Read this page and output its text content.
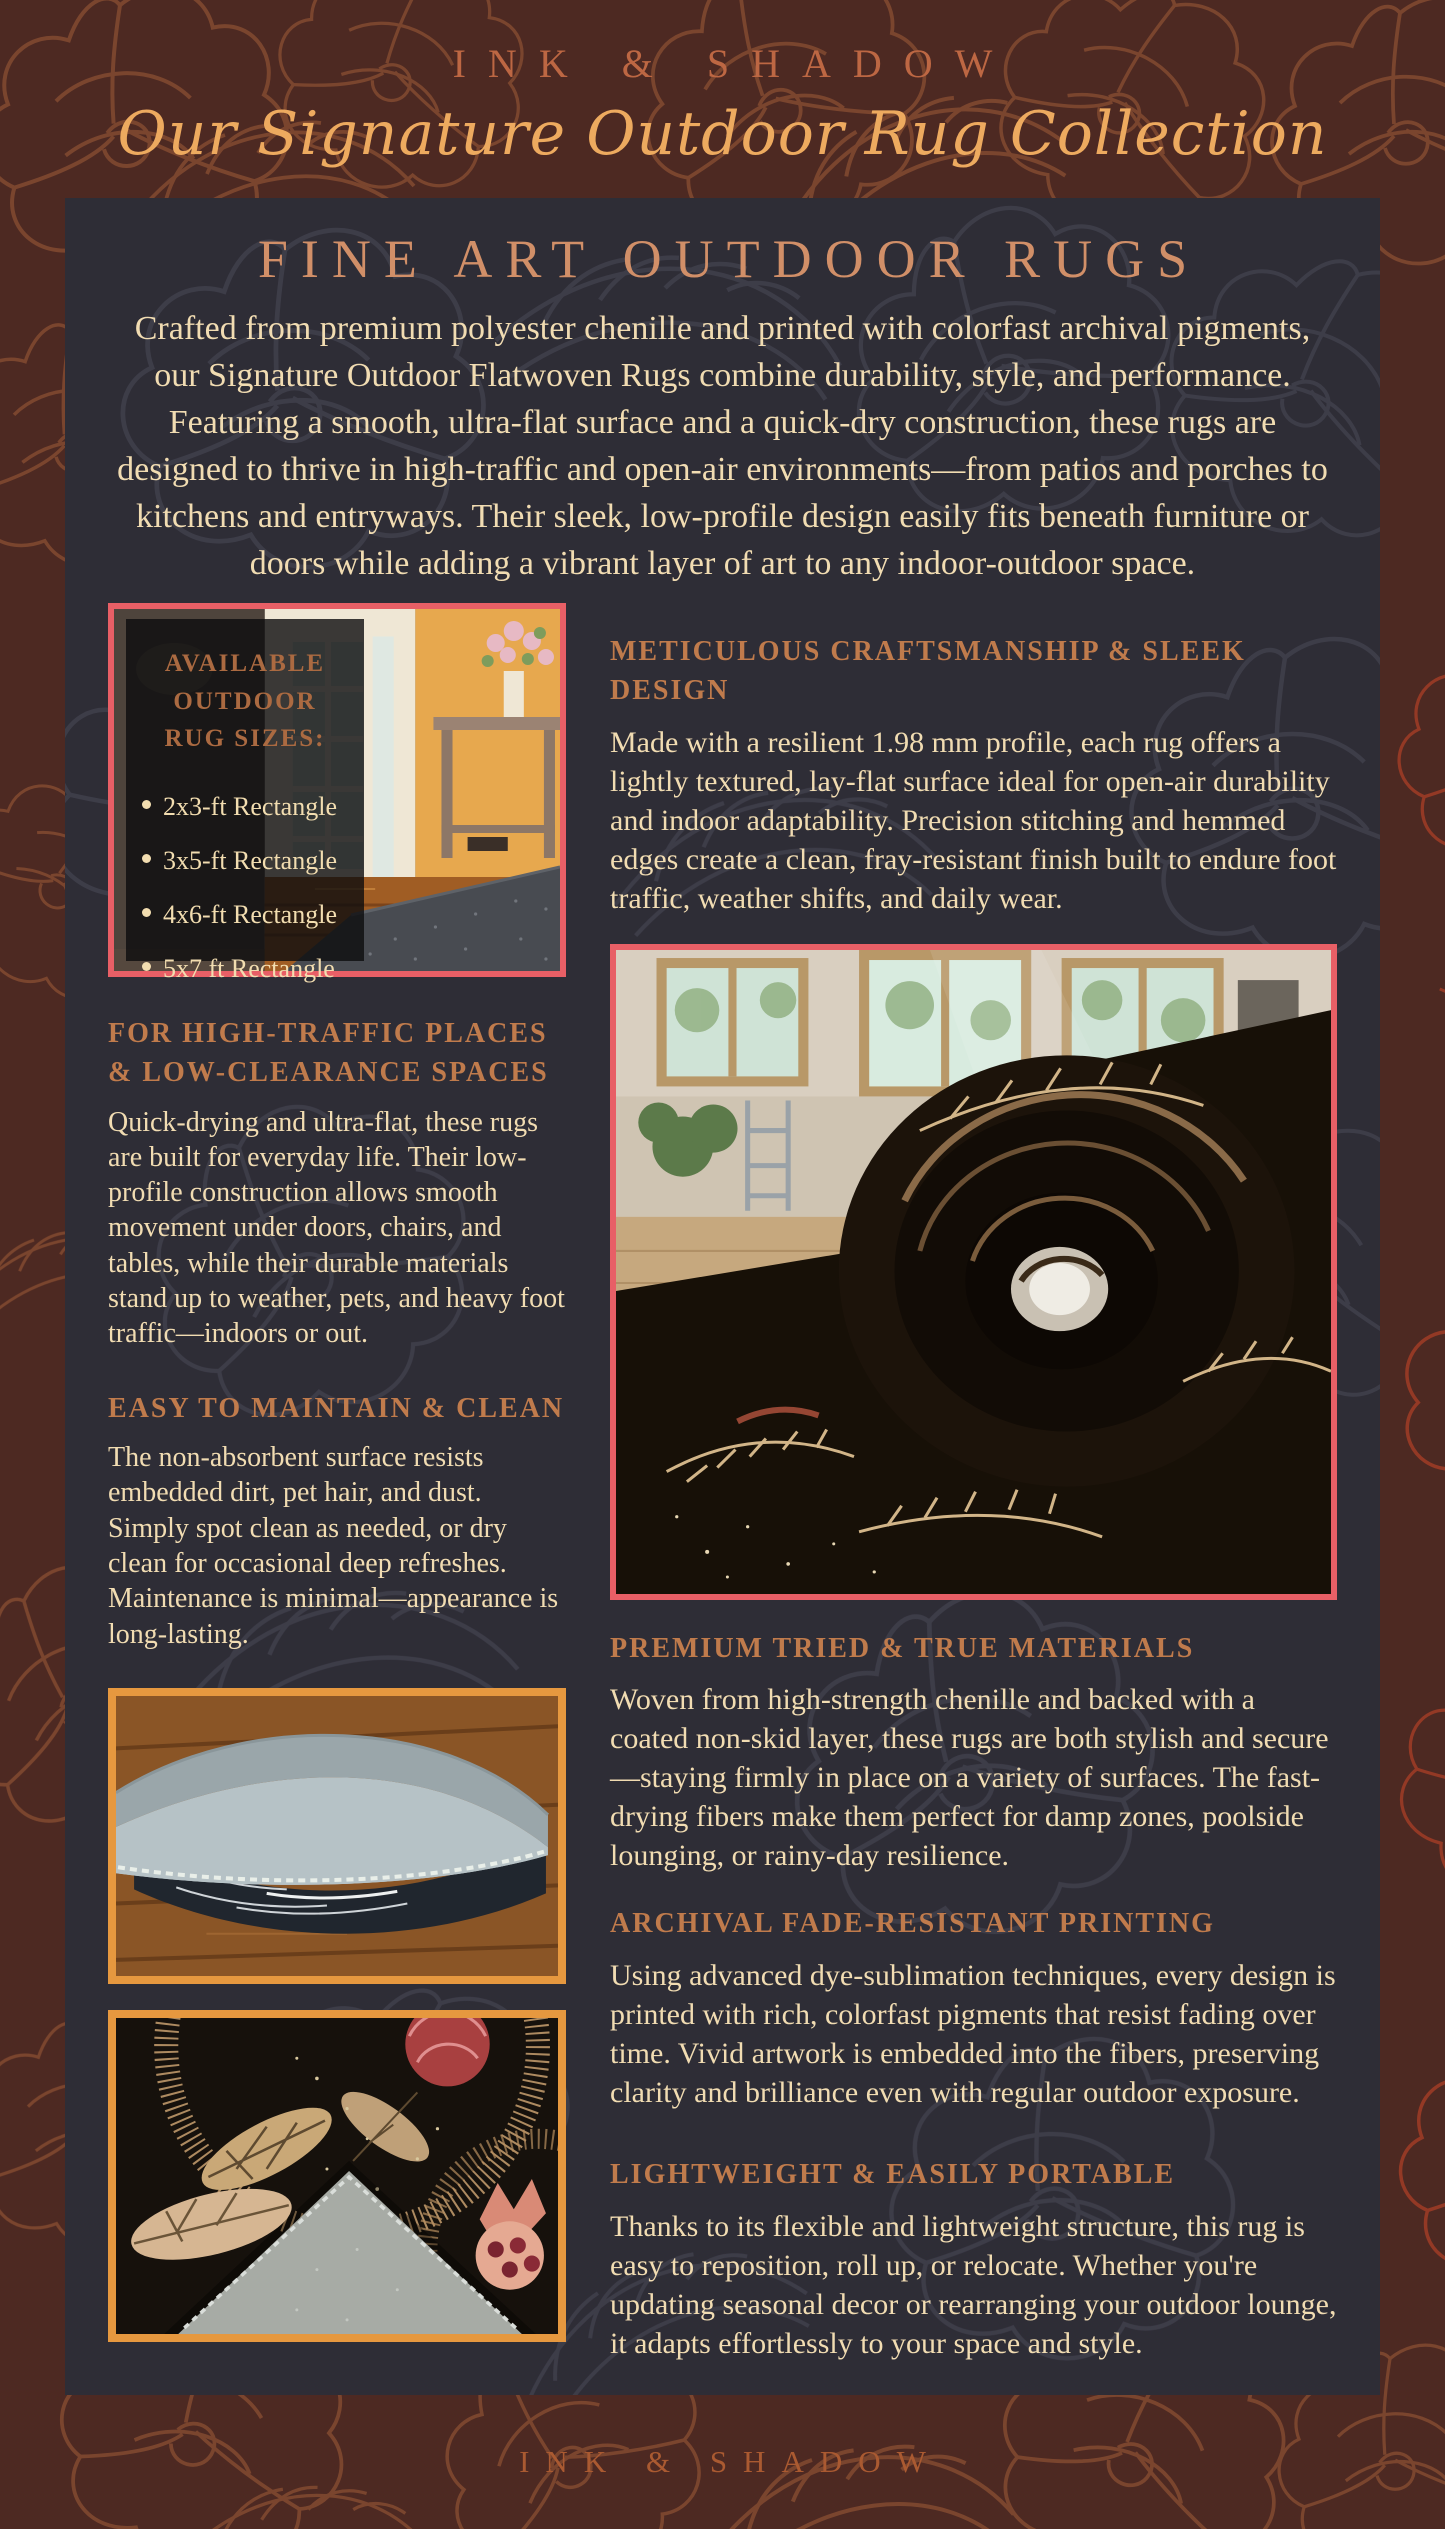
INK & SHADOW
Our Signature Outdoor Rug Collection
FINE ART OUTDOOR RUGS

Crafted from premium polyester chenille and printed with colorfast archival pigments, our Signature Outdoor Flatwoven Rugs combine durability, style, and performance. Featuring a smooth, ultra-flat surface and a quick-dry construction, these rugs are designed to thrive in high-traffic and open-air environments—from patios and porches to kitchens and entryways. Their sleek, low-profile design easily fits beneath furniture or doors while adding a vibrant layer of art to any indoor-outdoor space.

AVAILABLE OUTDOOR RUG SIZES:
2x3-ft Rectangle
3x5-ft Rectangle
4x6-ft Rectangle
5x7 ft Rectangle
FOR HIGH-TRAFFIC PLACES & LOW-CLEARANCE SPACES

Quick-drying and ultra-flat, these rugs are built for everyday life. Their low-profile construction allows smooth movement under doors, chairs, and tables, while their durable materials stand up to weather, pets, and heavy foot traffic—indoors or out.

EASY TO MAINTAIN & CLEAN

The non-absorbent surface resists embedded dirt, pet hair, and dust. Simply spot clean as needed, or dry clean for occasional deep refreshes. Maintenance is minimal—appearance is long-lasting.

METICULOUS CRAFTSMANSHIP & SLEEK DESIGN

Made with a resilient 1.98 mm profile, each rug offers a lightly textured, lay-flat surface ideal for open-air durability and indoor adaptability. Precision stitching and hemmed edges create a clean, fray-resistant finish built to endure foot traffic, weather shifts, and daily wear.

PREMIUM TRIED & TRUE MATERIALS

Woven from high-strength chenille and backed with a coated non-skid layer, these rugs are both stylish and secure—staying firmly in place on a variety of surfaces. The fast-drying fibers make them perfect for damp zones, poolside lounging, or rainy-day resilience.

ARCHIVAL FADE-RESISTANT PRINTING

Using advanced dye-sublimation techniques, every design is printed with rich, colorfast pigments that resist fading over time. Vivid artwork is embedded into the fibers, preserving clarity and brilliance even with regular outdoor exposure.

LIGHTWEIGHT & EASILY PORTABLE

Thanks to its flexible and lightweight structure, this rug is easy to reposition, roll up, or relocate. Whether you're updating seasonal decor or rearranging your outdoor lounge, it adapts effortlessly to your space and style.

INK & SHADOW
